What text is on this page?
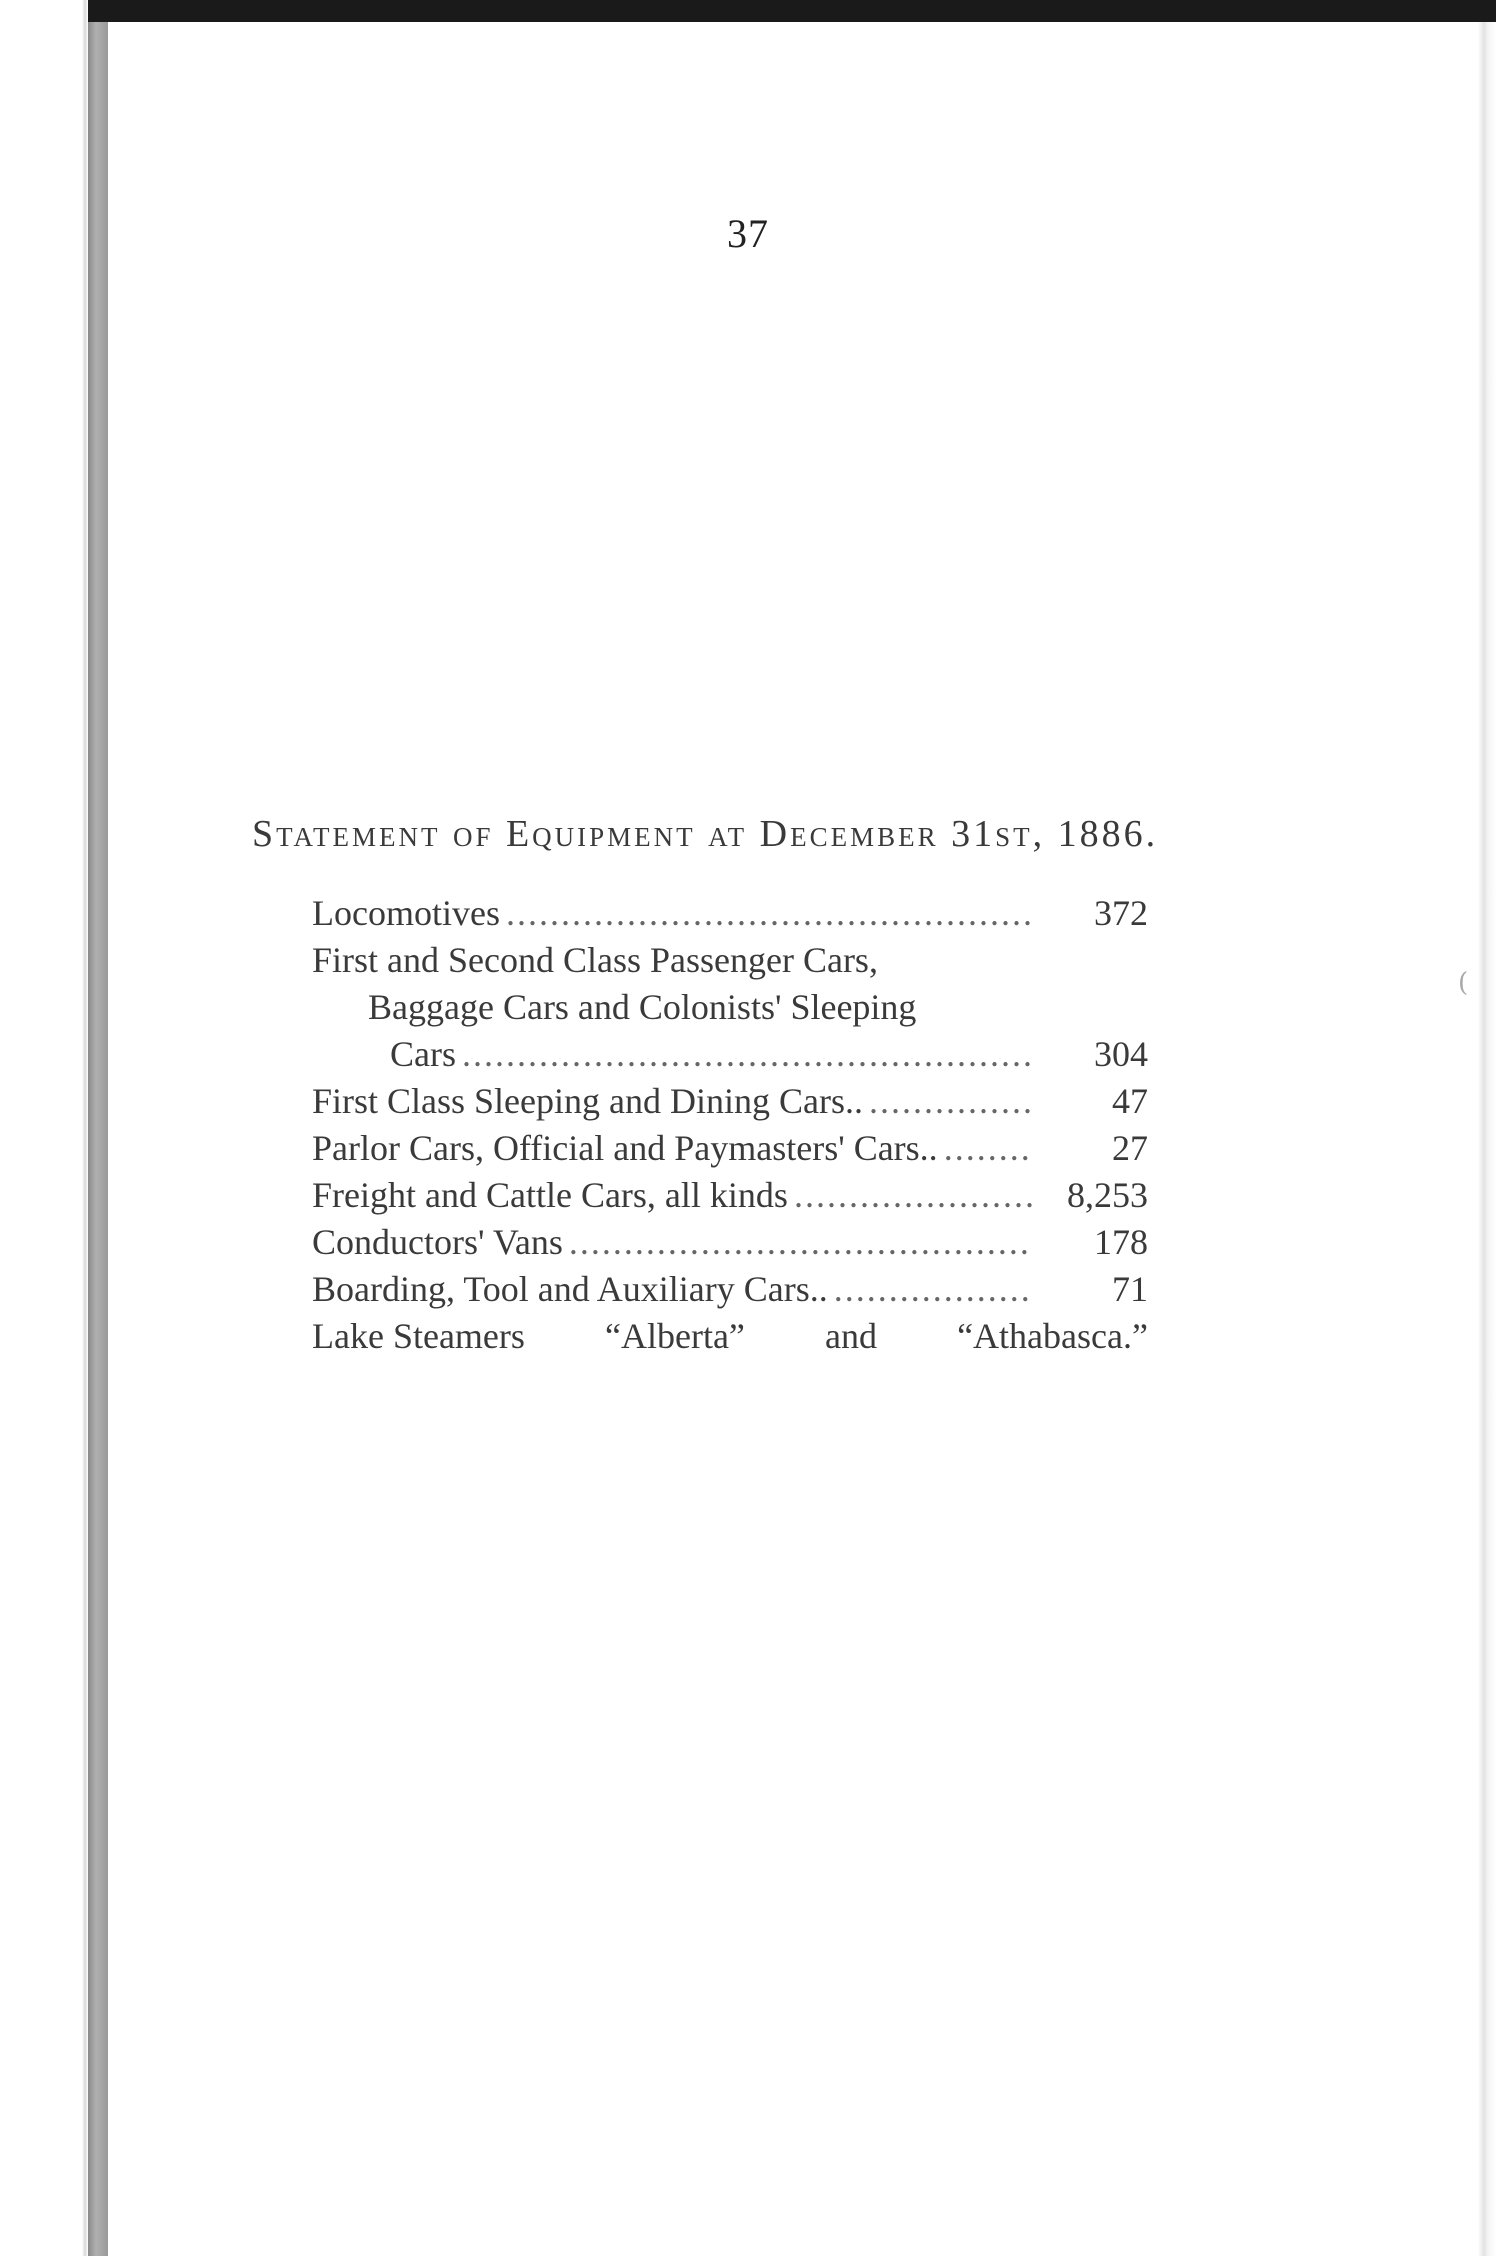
37
Statement of Equipment at December 31st, 1886.
Locomotives .....	372
First and Second Class Passenger Cars,
Baggage Cars and Colonists' Sleeping
Cars .....	304
First Class Sleeping and Dining Cars.. .....	47
Parlor Cars, Official and Paymasters' Cars.. .....	27
Freight and Cattle Cars, all kinds .....	8,253
Conductors' Vans .....	178
Boarding, Tool and Auxiliary Cars.. .....	71
Lake Steamers “Alberta” and “Athabasca.”
(
